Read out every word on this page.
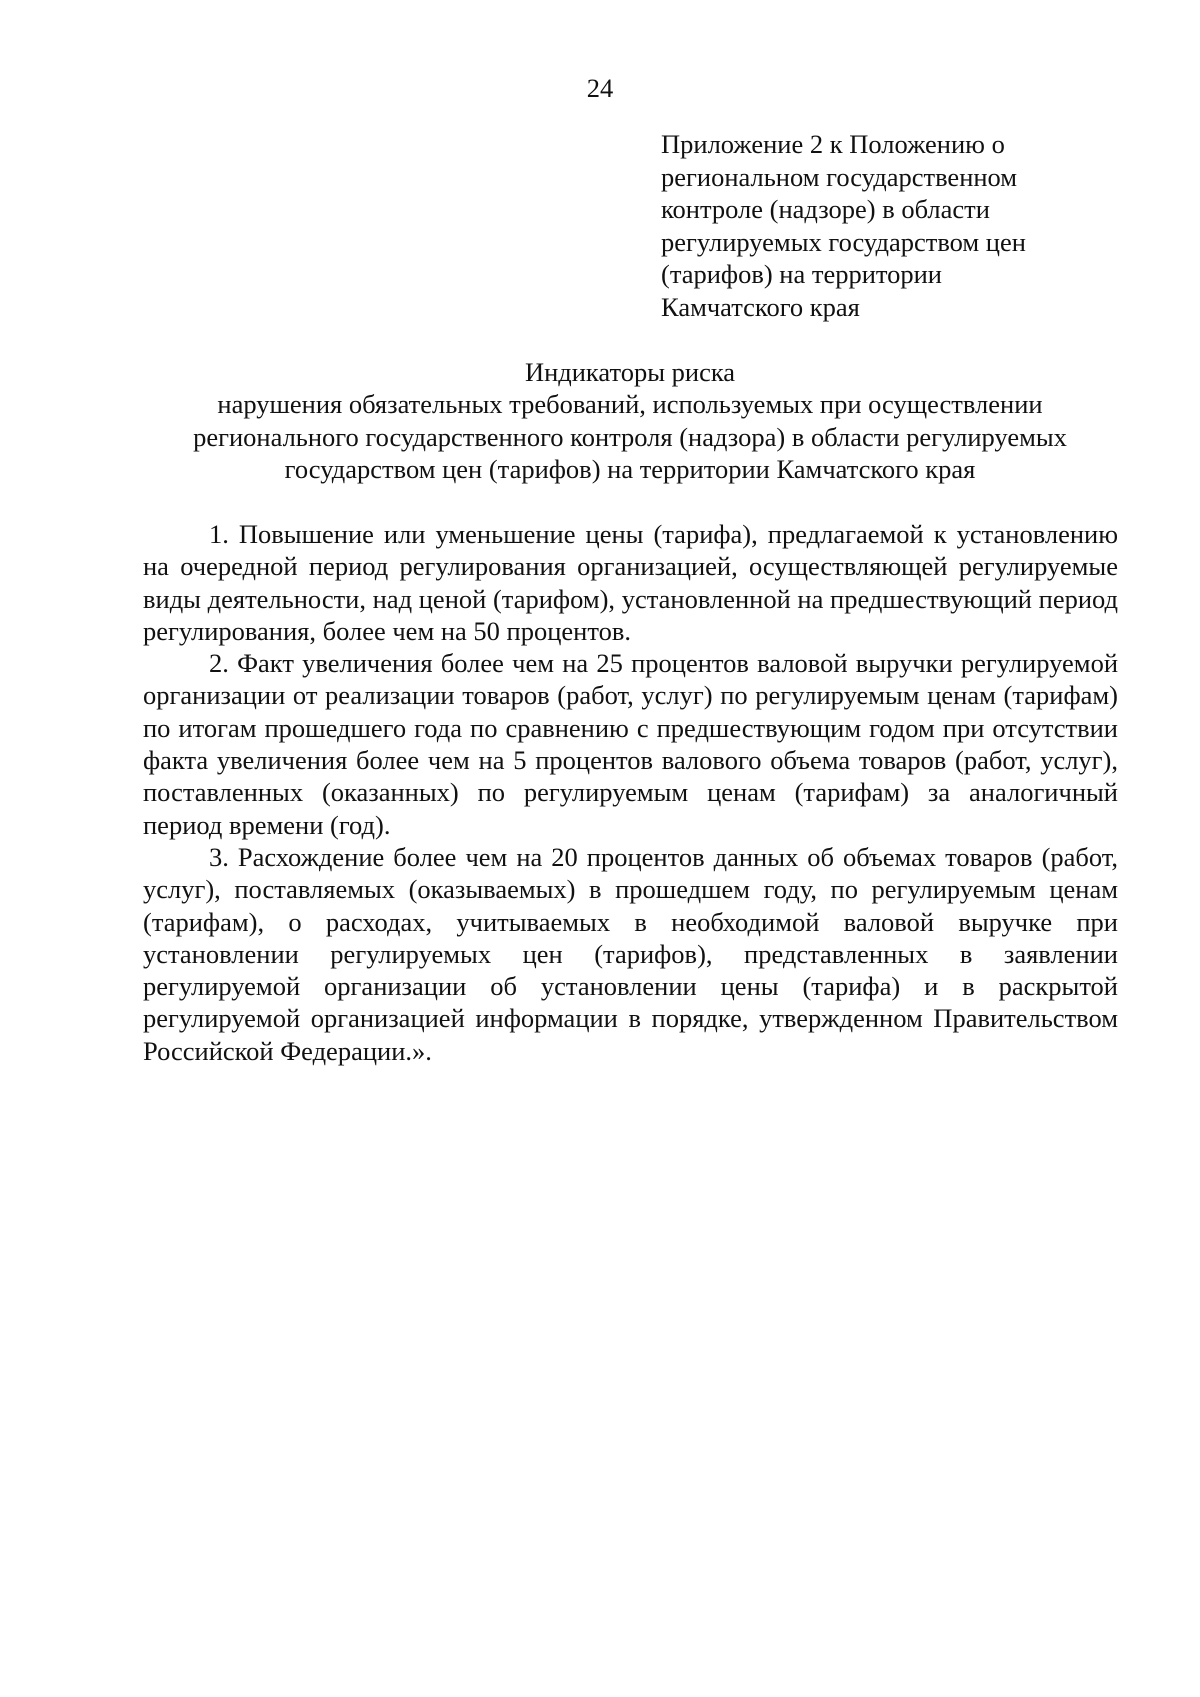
24
Приложение 2 к Положению о
региональном государственном
контроле (надзоре) в области
регулируемых государством цен
(тарифов) на территории
Камчатского края
Индикаторы риска
нарушения обязательных требований, используемых при осуществлении
регионального государственного контроля (надзора) в области регулируемых
государством цен (тарифов) на территории Камчатского края

1. Повышение или уменьшение цены (тарифа), предлагаемой к установлению на очередной период регулирования организацией, осуществляющей регулируемые виды деятельности, над ценой (тарифом), установленной на предшествующий период регулирования, более чем на 50 процентов.

2. Факт увеличения более чем на 25 процентов валовой выручки регулируемой организации от реализации товаров (работ, услуг) по регулируемым ценам (тарифам) по итогам прошедшего года по сравнению с предшествующим годом при отсутствии факта увеличения более чем на 5 процентов валового объема товаров (работ, услуг), поставленных (оказанных) по регулируемым ценам (тарифам) за аналогичный период времени (год).

3. Расхождение более чем на 20 процентов данных об объемах товаров (работ, услуг), поставляемых (оказываемых) в прошедшем году, по регулируемым ценам (тарифам), о расходах, учитываемых в необходимой валовой выручке при установлении регулируемых цен (тарифов), представленных в заявлении регулируемой организации об установлении цены (тарифа) и в раскрытой регулируемой организацией информации в порядке, утвержденном Правительством Российской Федерации.».
